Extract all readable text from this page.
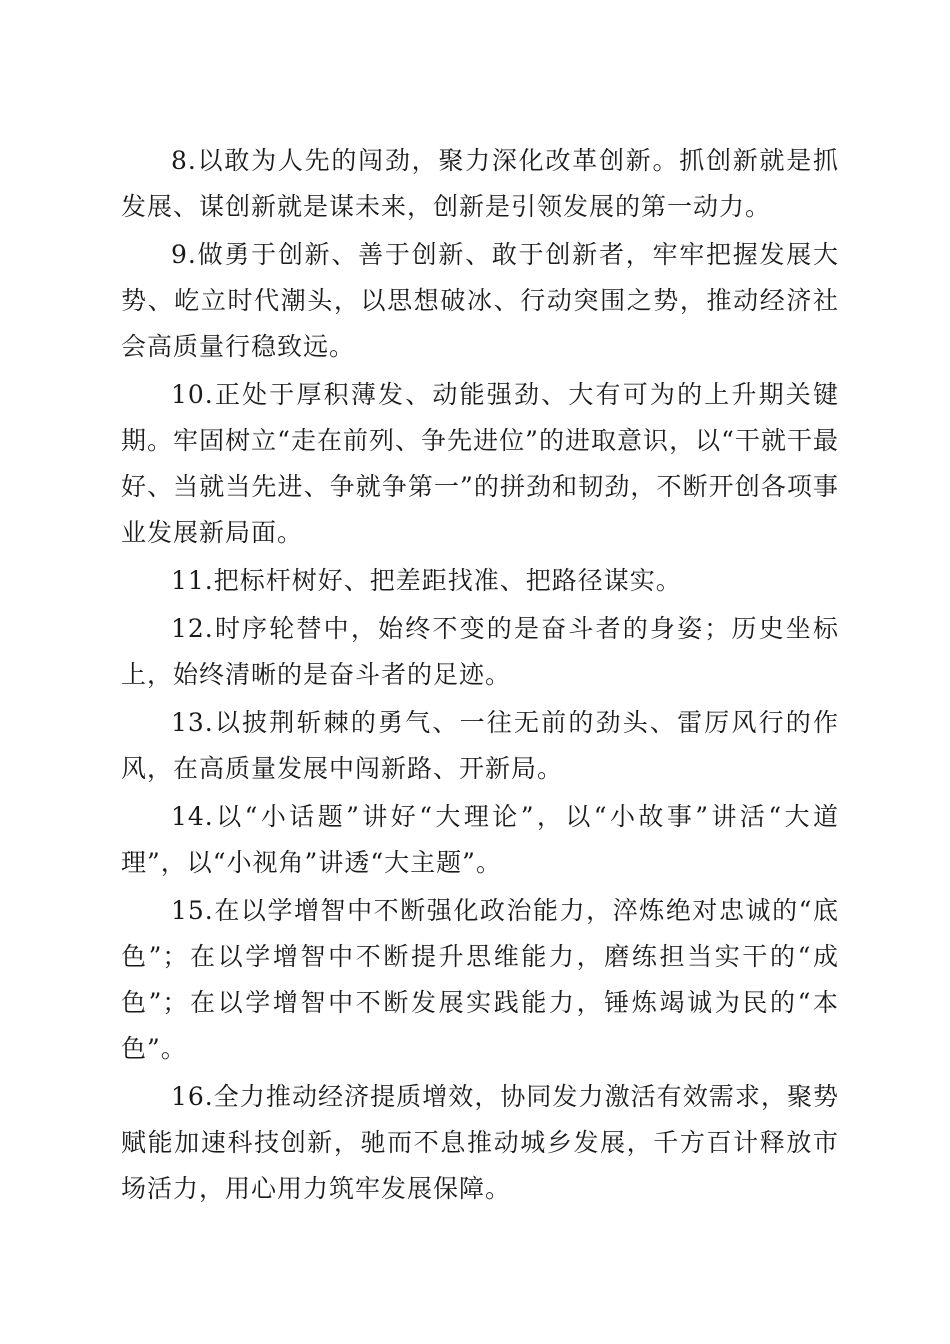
8.以敢为人先的闯劲，聚力深化改革创新。抓创新就是抓发展、谋创新就是谋未来，创新是引领发展的第一动力。

9.做勇于创新、善于创新、敢于创新者，牢牢把握发展大势、屹立时代潮头，以思想破冰、行动突围之势，推动经济社会高质量行稳致远。

10.正处于厚积薄发、动能强劲、大有可为的上升期关键期。牢固树立“走在前列、争先进位”的进取意识，以“干就干最好、当就当先进、争就争第一”的拼劲和韧劲，不断开创各项事业发展新局面。

11.把标杆树好、把差距找准、把路径谋实。

12.时序轮替中，始终不变的是奋斗者的身姿；历史坐标上，始终清晰的是奋斗者的足迹。

13.以披荆斩棘的勇气、一往无前的劲头、雷厉风行的作风，在高质量发展中闯新路、开新局。

14.以“小话题”讲好“大理论”，以“小故事”讲活“大道理”，以“小视角”讲透“大主题”。

15.在以学增智中不断强化政治能力，淬炼绝对忠诚的“底色”；在以学增智中不断提升思维能力，磨练担当实干的“成色”；在以学增智中不断发展实践能力，锤炼竭诚为民的“本色”。

16.全力推动经济提质增效，协同发力激活有效需求，聚势赋能加速科技创新，驰而不息推动城乡发展，千方百计释放市场活力，用心用力筑牢发展保障。
